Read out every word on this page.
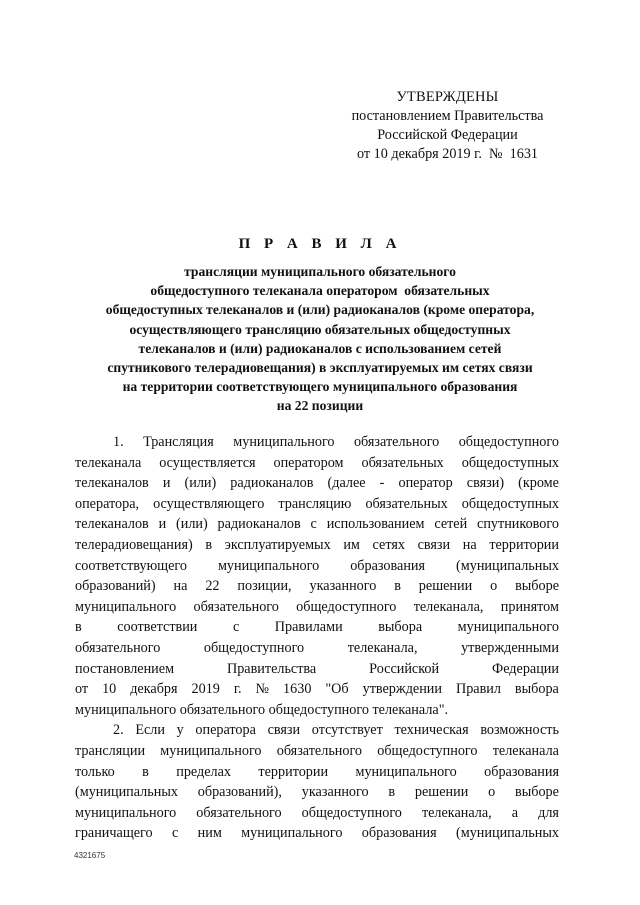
УТВЕРЖДЕНЫ
постановлением Правительства
Российской Федерации
от 10 декабря 2019 г.  №  1631
П Р А В И Л А
трансляции муниципального обязательного
общедоступного телеканала оператором  обязательных
общедоступных телеканалов и (или) радиоканалов (кроме оператора,
осуществляющего трансляцию обязательных общедоступных
телеканалов и (или) радиоканалов с использованием сетей
спутникового телерадиовещания) в эксплуатируемых им сетях связи
на территории соответствующего муниципального образования
на 22 позиции
1. Трансляция муниципального обязательного общедоступного
телеканала осуществляется оператором обязательных общедоступных
телеканалов и (или) радиоканалов (далее - оператор связи) (кроме
оператора, осуществляющего трансляцию обязательных общедоступных
телеканалов и (или) радиоканалов с использованием сетей спутникового
телерадиовещания) в эксплуатируемых им сетях связи на территории
соответствующего муниципального образования (муниципальных
образований) на 22 позиции, указанного в решении о выборе
муниципального обязательного общедоступного телеканала, принятом
в	соответствии	с	Правилами	выбора	муниципального
обязательного	общедоступного	телеканала,	утвержденными
постановлением	Правительства	Российской	Федерации
от 10 декабря 2019 г. № 1630 "Об утверждении Правил выбора
муниципального обязательного общедоступного телеканала".
2. Если у оператора связи отсутствует техническая возможность
трансляции муниципального обязательного общедоступного телеканала
только в пределах территории муниципального образования
(муниципальных образований), указанного в решении о выборе
муниципального обязательного общедоступного телеканала, а для
граничащего с ним муниципального образования (муниципальных
4321675
